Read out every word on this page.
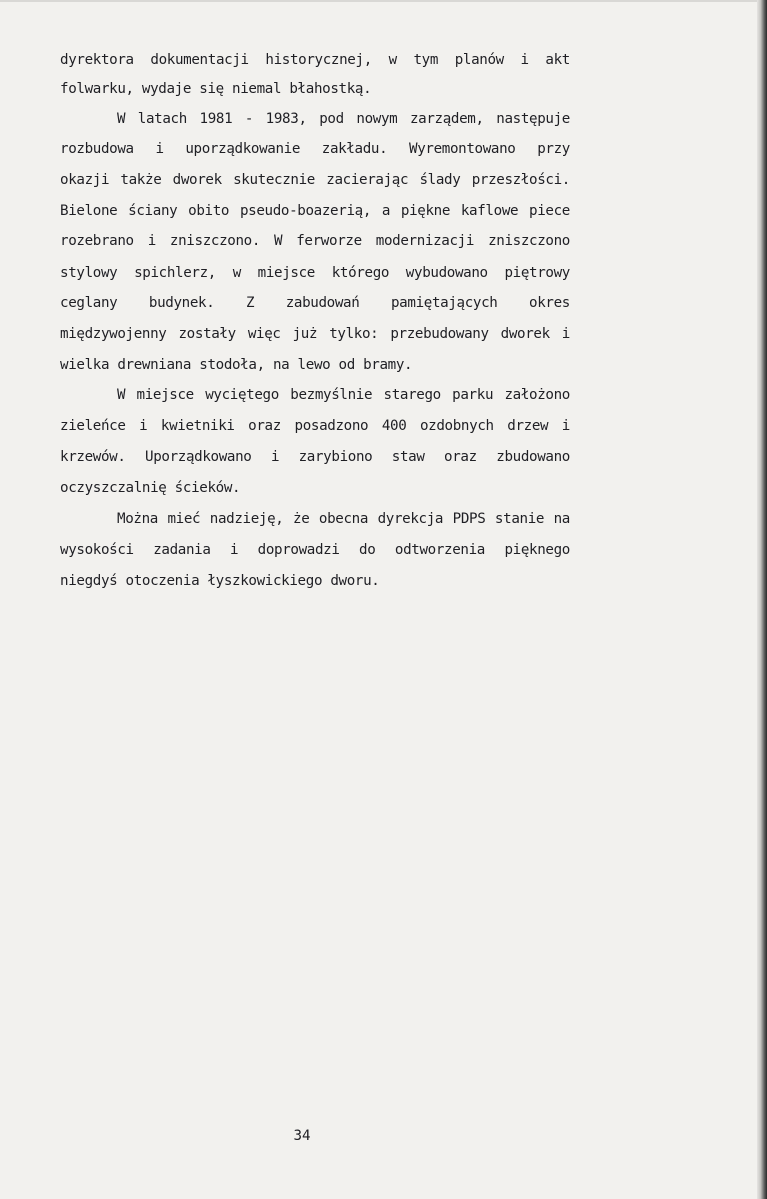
dyrektora dokumentacji historycznej, w tym planów i akt

folwarku, wydaje się niemal błahostką.

W latach 1981 - 1983, pod nowym zarządem, następuje

rozbudowa i uporządkowanie zakładu. Wyremontowano przy

okazji także dworek skutecznie zacierając ślady przeszłości.

Bielone ściany obito pseudo-boazerią, a piękne kaflowe piece

rozebrano i zniszczono. W ferworze modernizacji zniszczono

stylowy spichlerz, w miejsce którego wybudowano piętrowy

ceglany budynek. Z zabudowań pamiętających okres

międzywojenny zostały więc już tylko: przebudowany dworek i

wielka drewniana stodoła, na lewo od bramy.

W miejsce wyciętego bezmyślnie starego parku założono

zieleńce i kwietniki oraz posadzono 400 ozdobnych drzew i

krzewów. Uporządkowano i zarybiono staw oraz zbudowano

oczyszczalnię ścieków.

Można mieć nadzieję, że obecna dyrekcja PDPS stanie na

wysokości zadania i doprowadzi do odtworzenia pięknego

niegdyś otoczenia łyszkowickiego dworu.

34
